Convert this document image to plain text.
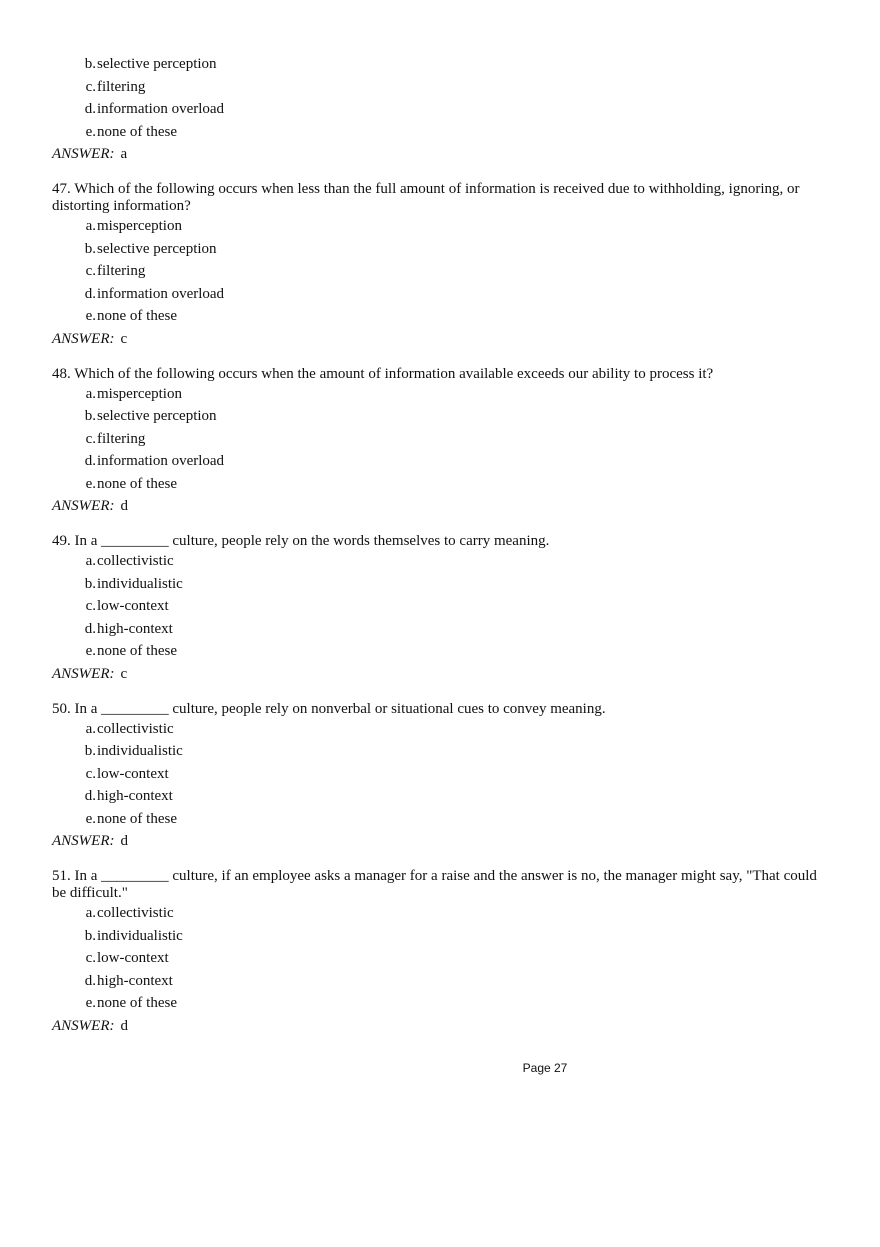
b. selective perception
c. filtering
d. information overload
e. none of these
ANSWER: a

47. Which of the following occurs when less than the full amount of information is received due to withholding, ignoring, or distorting information?

a. misperception
b. selective perception
c. filtering
d. information overload
e. none of these
ANSWER: c

48. Which of the following occurs when the amount of information available exceeds our ability to process it?

a. misperception
b. selective perception
c. filtering
d. information overload
e. none of these
ANSWER: d

49. In a _________ culture, people rely on the words themselves to carry meaning.

a. collectivistic
b. individualistic
c. low-context
d. high-context
e. none of these
ANSWER: c

50. In a _________ culture, people rely on nonverbal or situational cues to convey meaning.

a. collectivistic
b. individualistic
c. low-context
d. high-context
e. none of these
ANSWER: d

51. In a _________ culture, if an employee asks a manager for a raise and the answer is no, the manager might say, "That could be difficult."

a. collectivistic
b. individualistic
c. low-context
d. high-context
e. none of these
ANSWER: d
Page 27
